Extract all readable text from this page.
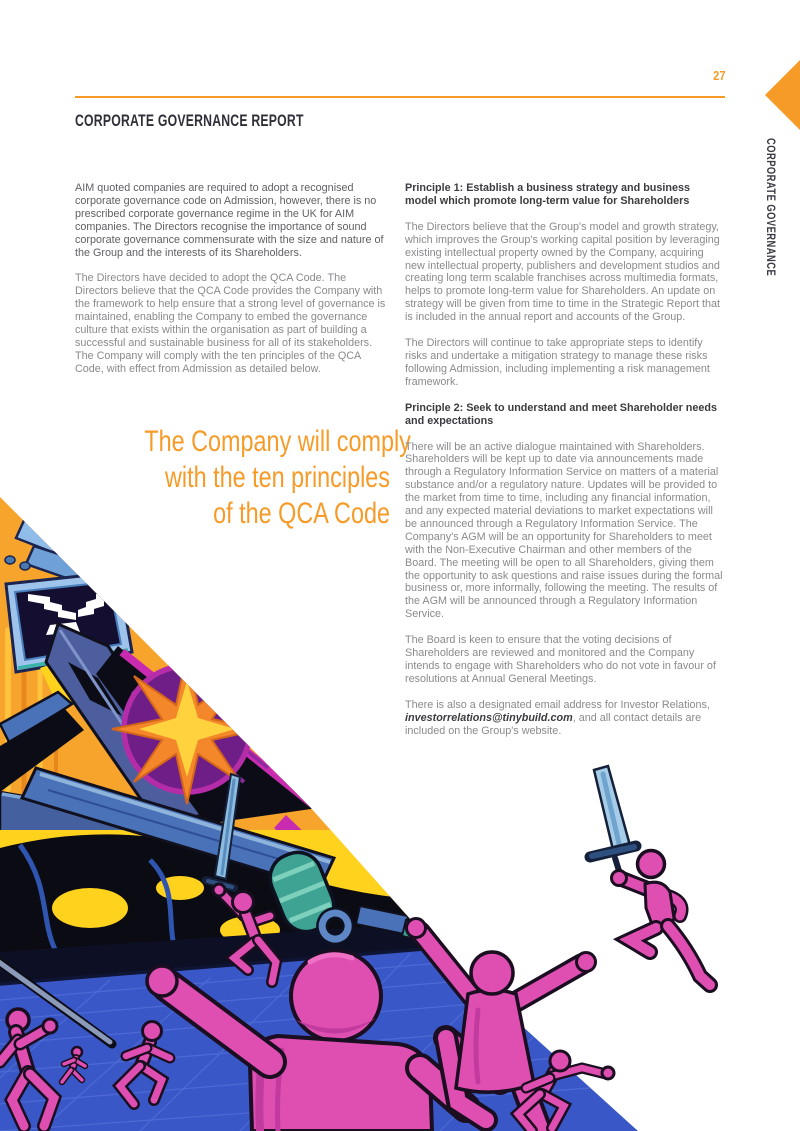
27
CORPORATE GOVERNANCE REPORT
CORPORATE GOVERNANCE

AIM quoted companies are required to adopt a recognised corporate governance code on Admission, however, there is no prescribed corporate governance regime in the UK for AIM companies. The Directors recognise the importance of sound corporate governance commensurate with the size and nature of the Group and the interests of its Shareholders.

The Directors have decided to adopt the QCA Code. The Directors believe that the QCA Code provides the Company with the framework to help ensure that a strong level of governance is maintained, enabling the Company to embed the governance culture that exists within the organisation as part of building a successful and sustainable business for all of its stakeholders. The Company will comply with the ten principles of the QCA Code, with effect from Admission as detailed below.

The Company will comply
with the ten principles
of the QCA Code

Principle 1: Establish a business strategy and business model which promote long-term value for Shareholders

The Directors believe that the Group's model and growth strategy, which improves the Group's working capital position by leveraging existing intellectual property owned by the Company, acquiring new intellectual property, publishers and development studios and creating long term scalable franchises across multimedia formats, helps to promote long-term value for Shareholders. An update on strategy will be given from time to time in the Strategic Report that is included in the annual report and accounts of the Group.

The Directors will continue to take appropriate steps to identify risks and undertake a mitigation strategy to manage these risks following Admission, including implementing a risk management framework.

Principle 2: Seek to understand and meet Shareholder needs and expectations

There will be an active dialogue maintained with Shareholders. Shareholders will be kept up to date via announcements made through a Regulatory Information Service on matters of a material substance and/or a regulatory nature. Updates will be provided to the market from time to time, including any financial information, and any expected material deviations to market expectations will be announced through a Regulatory Information Service. The Company's AGM will be an opportunity for Shareholders to meet with the Non-Executive Chairman and other members of the Board. The meeting will be open to all Shareholders, giving them the opportunity to ask questions and raise issues during the formal business or, more informally, following the meeting. The results of the AGM will be announced through a Regulatory Information Service.

The Board is keen to ensure that the voting decisions of Shareholders are reviewed and monitored and the Company intends to engage with Shareholders who do not vote in favour of resolutions at Annual General Meetings.

There is also a designated email address for Investor Relations, investorrelations@tinybuild.com, and all contact details are included on the Group's website.
